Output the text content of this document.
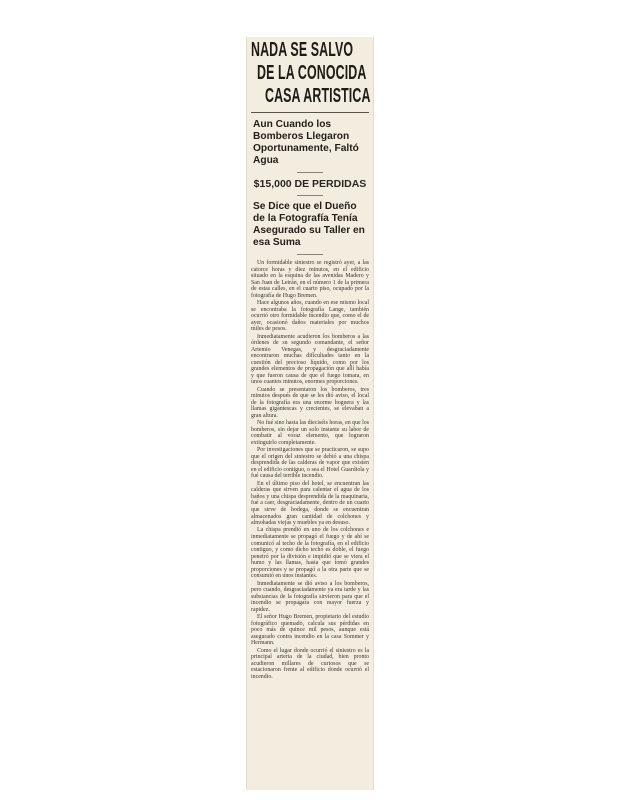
NADA SE SALVO
DE LA CONOCIDA
CASA ARTISTICA
Aun Cuando los Bomberos Llegaron Oportunamente, Faltó Agua
$15,000 DE PERDIDAS
Se Dice que el Dueño de la Fotografía Tenía Asegurado su Taller en esa Suma

Un formidable siniestro se registró ayer, a las catorce horas y diez minutos, en el edificio situado en la esquina de las avenidas Madero y San Juan de Letrán, en el número 1 de la primera de estas calles, en el cuarto piso, ocupado por la fotografía de Hugo Bremen.

Hace algunos años, cuando en ese mismo local se encontraba la fotografía Lange, también ocurrió otro formidable incendio que, como el de ayer, ocasionó daños materiales por muchos miles de pesos.

Inmediatamente acudieron los bomberos a las órdenes de su segundo comandante, el señor Artemio Venegas, y desgraciadamente encontraron muchas dificultades tanto en la cuestión del precioso líquido, como por los grandes elementos de propagación que allí había y que fueron causa de que el fuego tomara, en unos cuantos minutos, enormes proporciones.

Cuando se presentaron los bomberos, tres minutos después de que se les dió aviso, el local de la fotografía era una enorme hoguera y las llamas gigantescas y crecientes, se elevaban a gran altura.

No fué sino hasta las dieciséis horas, en que los bomberos, sin dejar un solo instante su labor de combatir al voraz elemento, que lograron extinguirlo completamente.

Por investigaciones que se practicaron, se supo que el origen del siniestro se debió a una chispa desprendida de las calderas de vapor que existen en el edificio contiguo, o sea el Hotel Guardiola y fué causa del terrible incendio.

En el último piso del hotel, se encuentran las calderas que sirven para calentar el agua de los baños y una chispa desprendida de la maquinaria, fué a caer, desgraciadamente, dentro de un cuarto que sirve de bodega, donde se encuentran almacenados gran cantidad de colchones y almohadas viejas y muebles ya en desuso.

La chispa prendió en uno de los colchones e inmediatamente se propagó el fuego y de ahí se comunicó al techo de la fotografía, en el edificio contiguo, y como dicho techo es doble, el fuego penetró por la división e impidió que se viera el humo y las llamas, hasta que tomó grandes proporciones y se propagó a la otra parte que se consumió en unos instantes.

Inmediatamente se dió aviso a los bomberos, pero cuando, desgraciadamente ya era tarde y las substancias de la fotografía sirvieron para que el incendio se propagara con mayor fuerza y rapidez.

El señor Hugo Bremen, propietario del estudio fotográfico quemado, calcula sus pérdidas en poco más de quince mil pesos, aunque está asegurado contra incendio en la casa Sommer y Hermann.

Como el lugar donde ocurrió el siniestro es la principal arteria de la ciudad, bien pronto acudieron millares de curiosos que se estacionaron frente al edificio donde ocurrió el incendio.
